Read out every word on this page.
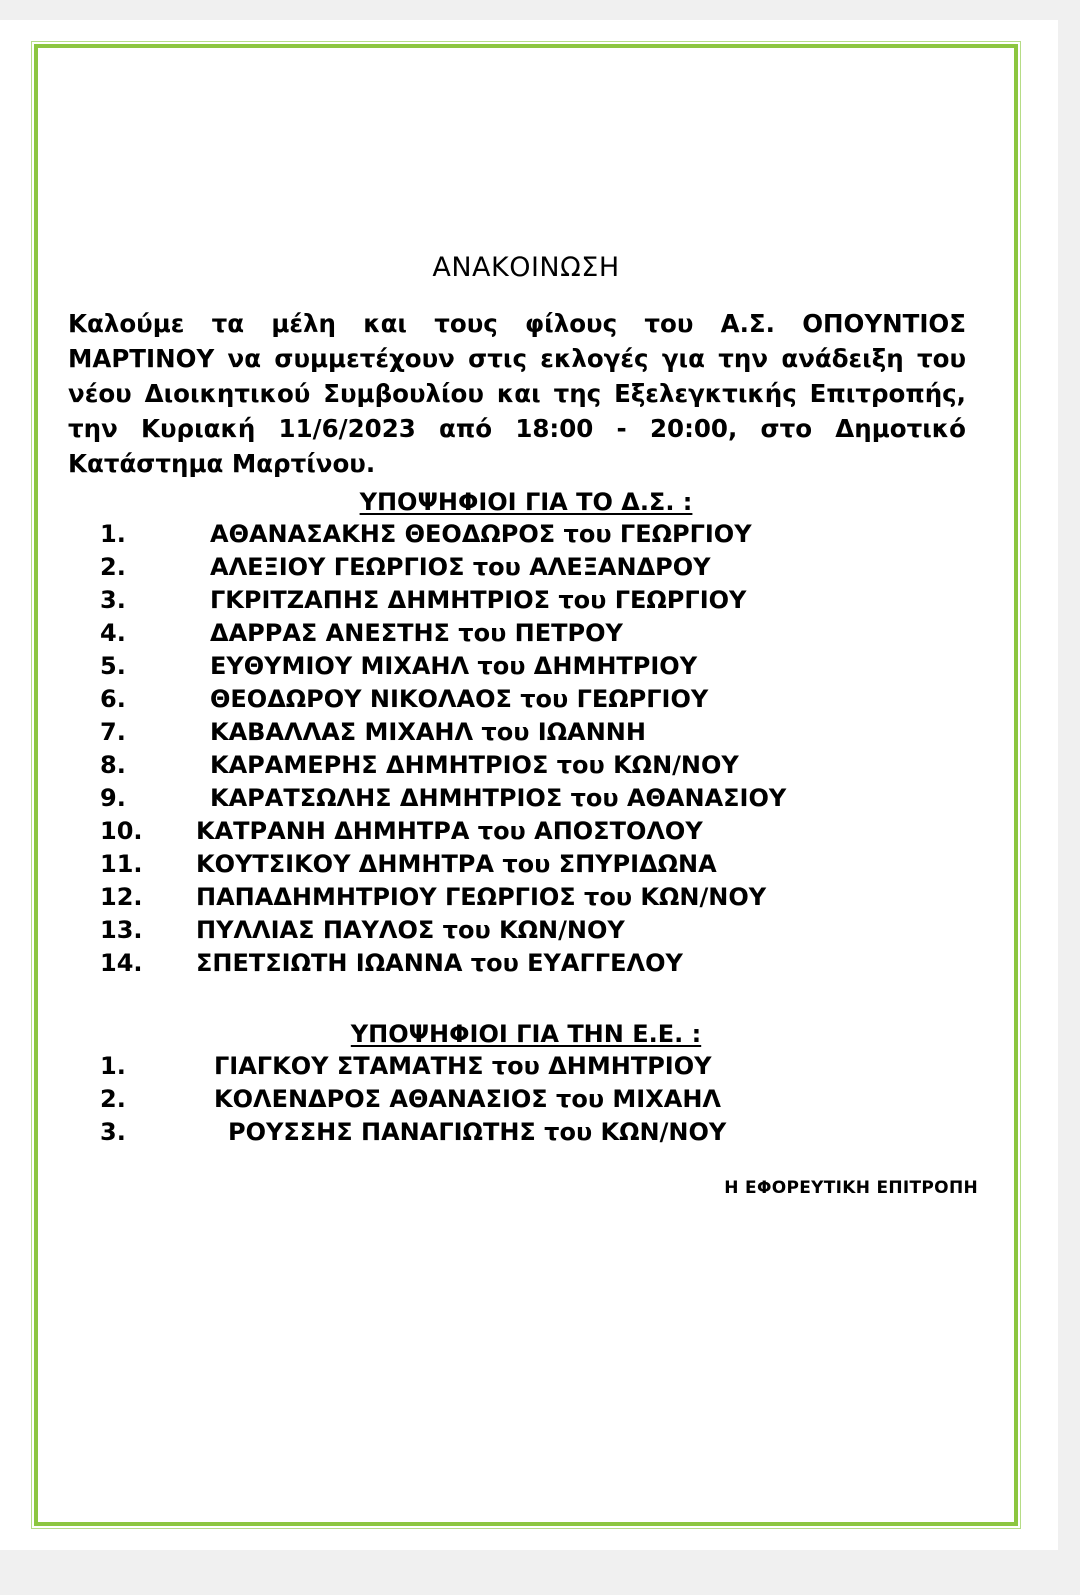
ΑΝΑΚΟΙΝΩΣΗ
Καλούμε τα μέλη και τους φίλους του Α.Σ. ΟΠΟΥΝΤΙΟΣ ΜΑΡΤΙΝΟΥ να συμμετέχουν στις εκλογές για την ανάδειξη του νέου Διοικητικού Συμβουλίου και της Εξελεγκτικής Επιτροπής, την Κυριακή 11/6/2023 από 18:00 - 20:00, στο Δημοτικό Κατάστημα Μαρτίνου.
ΥΠΟΨΗΦΙΟΙ ΓΙΑ ΤΟ Δ.Σ. :
1.	ΑΘΑΝΑΣΑΚΗΣ ΘΕΟΔΩΡΟΣ του ΓΕΩΡΓΙΟΥ
2.	ΑΛΕΞΙΟΥ ΓΕΩΡΓΙΟΣ του ΑΛΕΞΑΝΔΡΟΥ
3.	ΓΚΡΙΤΖΑΠΗΣ ΔΗΜΗΤΡΙΟΣ του ΓΕΩΡΓΙΟΥ
4.	ΔΑΡΡΑΣ ΑΝΕΣΤΗΣ του ΠΕΤΡΟΥ
5.	ΕΥΘΥΜΙΟΥ ΜΙΧΑΗΛ του ΔΗΜΗΤΡΙΟΥ
6.	ΘΕΟΔΩΡΟΥ ΝΙΚΟΛΑΟΣ του ΓΕΩΡΓΙΟΥ
7.	ΚΑΒΑΛΛΑΣ ΜΙΧΑΗΛ του ΙΩΑΝΝΗ
8.	ΚΑΡΑΜΕΡΗΣ ΔΗΜΗΤΡΙΟΣ του ΚΩΝ/ΝΟΥ
9.	ΚΑΡΑΤΣΩΛΗΣ ΔΗΜΗΤΡΙΟΣ του ΑΘΑΝΑΣΙΟΥ
10. ΚΑΤΡΑΝΗ ΔΗΜΗΤΡΑ του ΑΠΟΣΤΟΛΟΥ
11. ΚΟΥΤΣΙΚΟΥ ΔΗΜΗΤΡΑ του ΣΠΥΡΙΔΩΝΑ
12. ΠΑΠΑΔΗΜΗΤΡΙΟΥ ΓΕΩΡΓΙΟΣ του ΚΩΝ/ΝΟΥ
13. ΠΥΛΛΙΑΣ ΠΑΥΛΟΣ του ΚΩΝ/ΝΟΥ
14. ΣΠΕΤΣΙΩΤΗ ΙΩΑΝΝΑ του ΕΥΑΓΓΕΛΟΥ
ΥΠΟΨΗΦΙΟΙ ΓΙΑ ΤΗΝ Ε.Ε. :
1.	ΓΙΑΓΚΟΥ ΣΤΑΜΑΤΗΣ του ΔΗΜΗΤΡΙΟΥ
2.	ΚΟΛΕΝΔΡΟΣ ΑΘΑΝΑΣΙΟΣ του ΜΙΧΑΗΛ
3.	ΡΟΥΣΣΗΣ ΠΑΝΑΓΙΩΤΗΣ του ΚΩΝ/ΝΟΥ
Η ΕΦΟΡΕΥΤΙΚΗ ΕΠΙΤΡΟΠΗ
